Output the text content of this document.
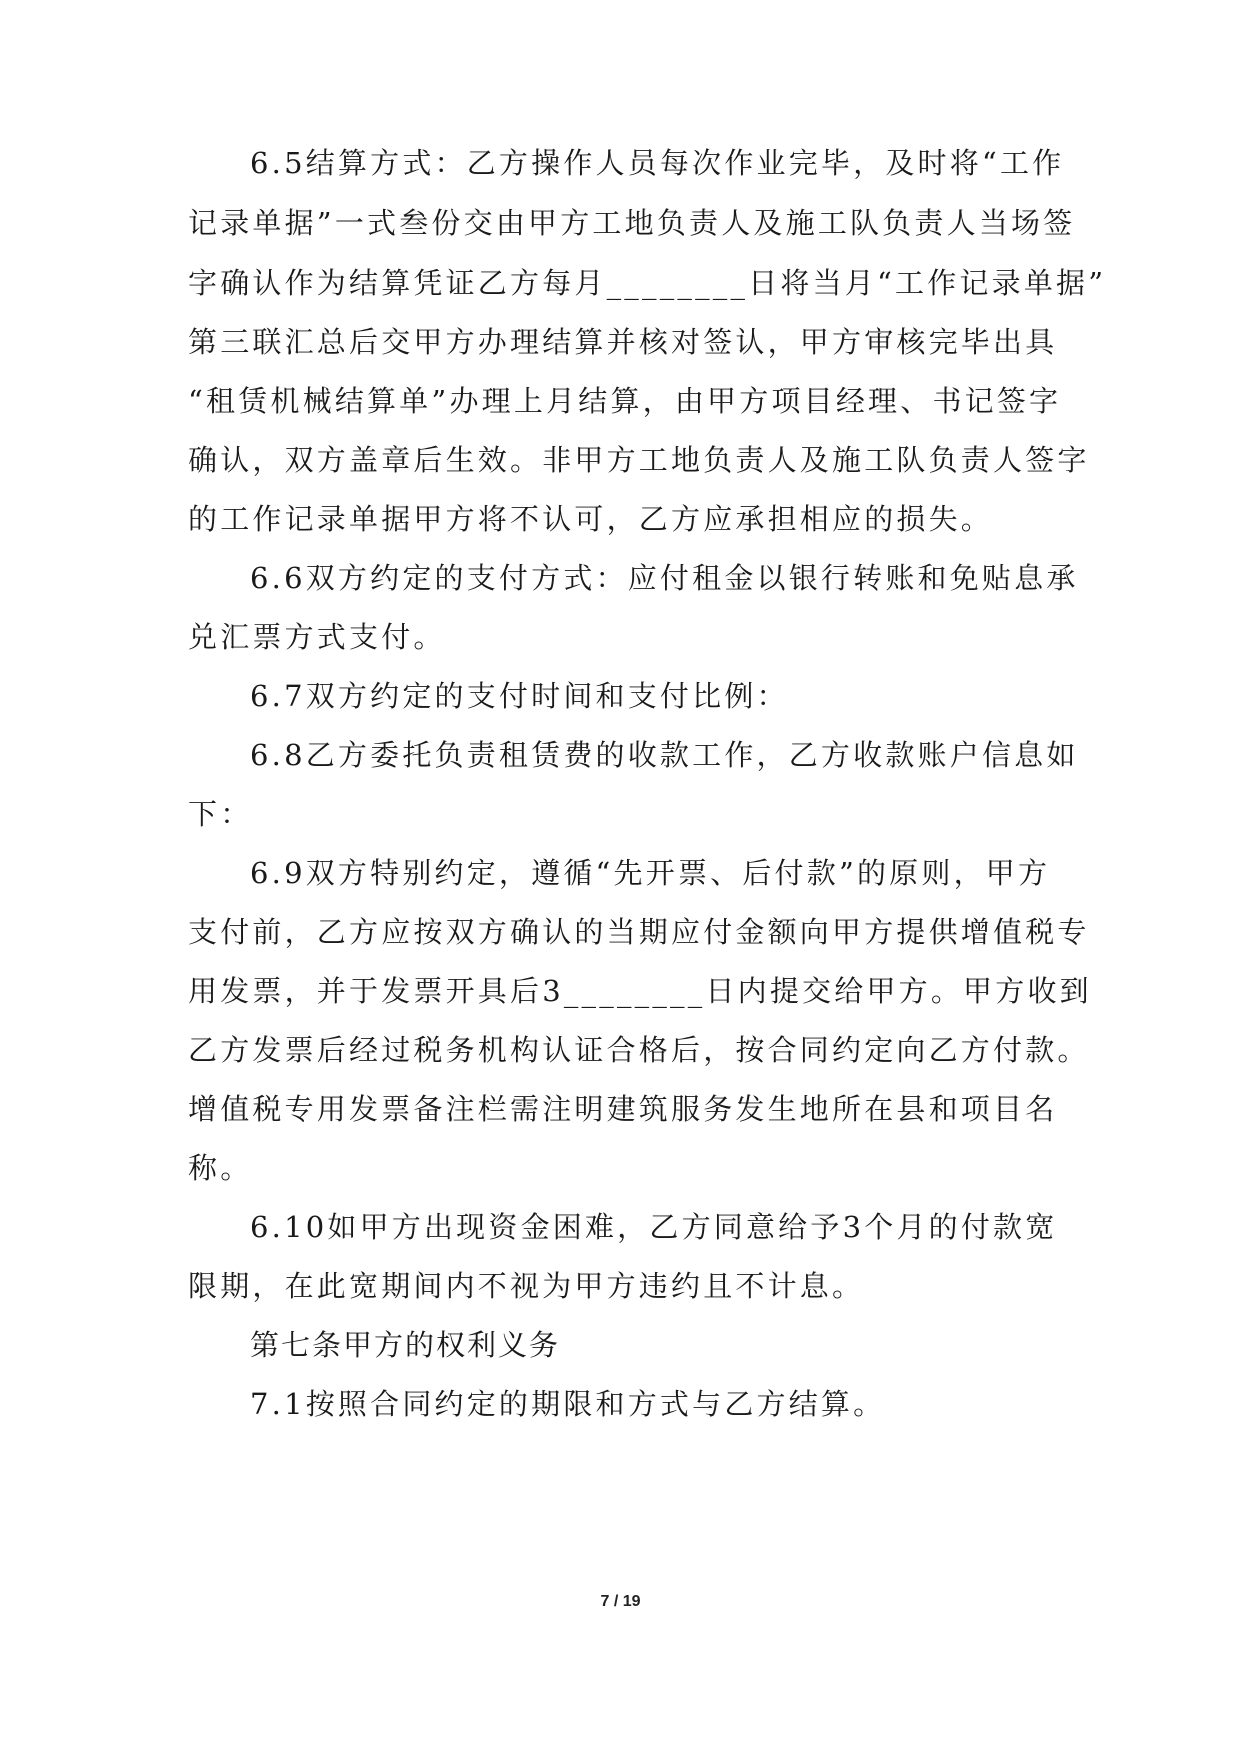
6.5结算方式：乙方操作人员每次作业完毕，及时将“工作
记录单据”一式叁份交由甲方工地负责人及施工队负责人当场签
字确认作为结算凭证乙方每月________日将当月“工作记录单据”
第三联汇总后交甲方办理结算并核对签认，甲方审核完毕出具
“租赁机械结算单”办理上月结算，由甲方项目经理、书记签字
确认，双方盖章后生效。非甲方工地负责人及施工队负责人签字
的工作记录单据甲方将不认可，乙方应承担相应的损失。
6.6双方约定的支付方式：应付租金以银行转账和免贴息承
兑汇票方式支付。
6.7双方约定的支付时间和支付比例：
6.8乙方委托负责租赁费的收款工作，乙方收款账户信息如
下：
6.9双方特别约定，遵循“先开票、后付款”的原则，甲方
支付前，乙方应按双方确认的当期应付金额向甲方提供增值税专
用发票，并于发票开具后3________日内提交给甲方。甲方收到
乙方发票后经过税务机构认证合格后，按合同约定向乙方付款。
增值税专用发票备注栏需注明建筑服务发生地所在县和项目名
称。
6.10如甲方出现资金困难，乙方同意给予3个月的付款宽
限期，在此宽期间内不视为甲方违约且不计息。
第七条甲方的权利义务
7.1按照合同约定的期限和方式与乙方结算。
7 / 19
